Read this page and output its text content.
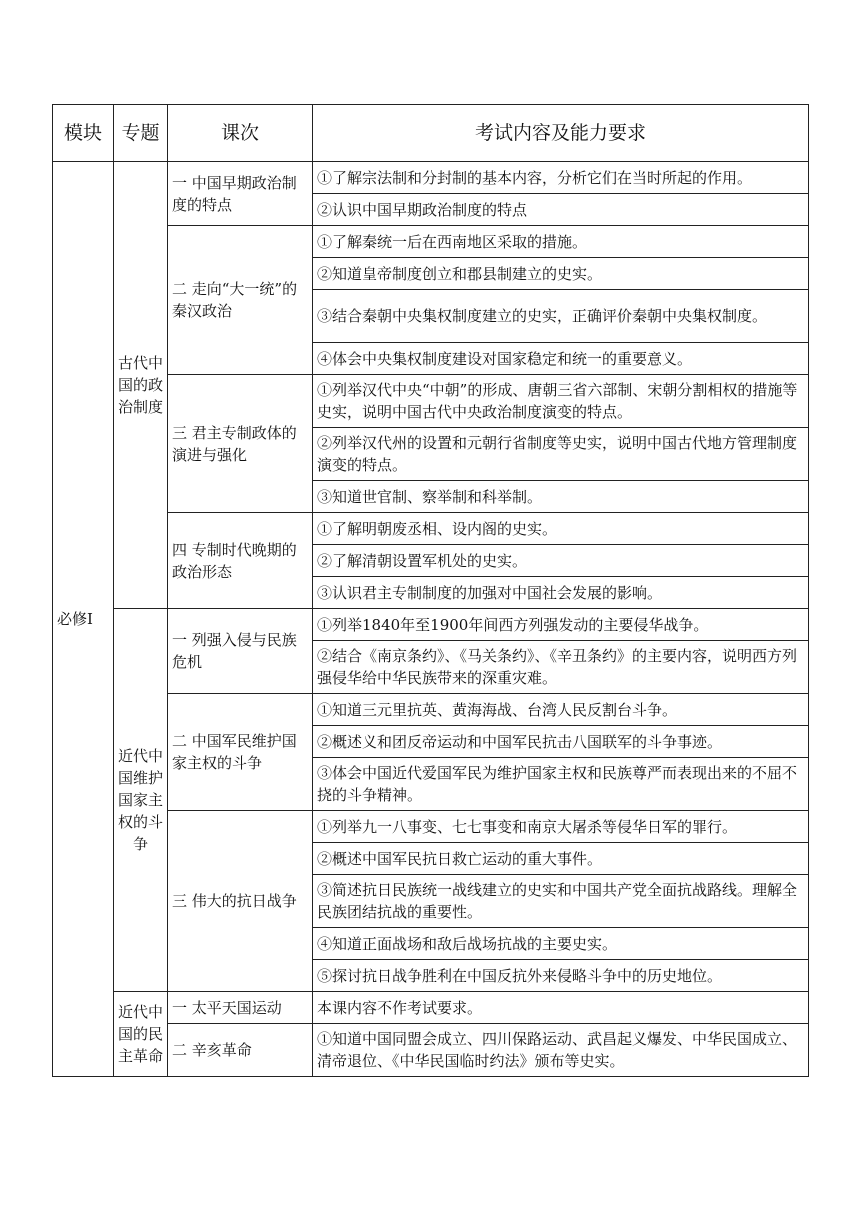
模块	专题	课次	考试内容及能力要求
必修Ⅰ	古代中国的政治制度	一 中国早期政治制度的特点	①了解宗法制和分封制的基本内容，分析它们在当时所起的作用。
			②认识中国早期政治制度的特点
		二 走向“大一统”的秦汉政治	①了解秦统一后在西南地区采取的措施。
			②知道皇帝制度创立和郡县制建立的史实。
			③结合秦朝中央集权制度建立的史实，正确评价秦朝中央集权制度。
			④体会中央集权制度建设对国家稳定和统一的重要意义。
		三 君主专制政体的演进与强化	①列举汉代中央“中朝”的形成、唐朝三省六部制、宋朝分割相权的措施等史实，说明中国古代中央政治制度演变的特点。
			②列举汉代州的设置和元朝行省制度等史实，说明中国古代地方管理制度演变的特点。
			③知道世官制、察举制和科举制。
		四 专制时代晚期的政治形态	①了解明朝废丞相、设内阁的史实。
			②了解清朝设置军机处的史实。
			③认识君主专制制度的加强对中国社会发展的影响。
	近代中国维护国家主权的斗争	一 列强入侵与民族危机	①列举1840年至1900年间西方列强发动的主要侵华战争。
			②结合《南京条约》、《马关条约》、《辛丑条约》的主要内容，说明西方列强侵华给中华民族带来的深重灾难。
		二 中国军民维护国家主权的斗争	①知道三元里抗英、黄海海战、台湾人民反割台斗争。
			②概述义和团反帝运动和中国军民抗击八国联军的斗争事迹。
			③体会中国近代爱国军民为维护国家主权和民族尊严而表现出来的不屈不挠的斗争精神。
		三 伟大的抗日战争	①列举九一八事变、七七事变和南京大屠杀等侵华日军的罪行。
			②概述中国军民抗日救亡运动的重大事件。
			③简述抗日民族统一战线建立的史实和中国共产党全面抗战路线。理解全民族团结抗战的重要性。
			④知道正面战场和敌后战场抗战的主要史实。
			⑤探讨抗日战争胜利在中国反抗外来侵略斗争中的历史地位。
	近代中国的民主革命	一 太平天国运动	本课内容不作考试要求。
		二 辛亥革命	①知道中国同盟会成立、四川保路运动、武昌起义爆发、中华民国成立、清帝退位、《中华民国临时约法》颁布等史实。
